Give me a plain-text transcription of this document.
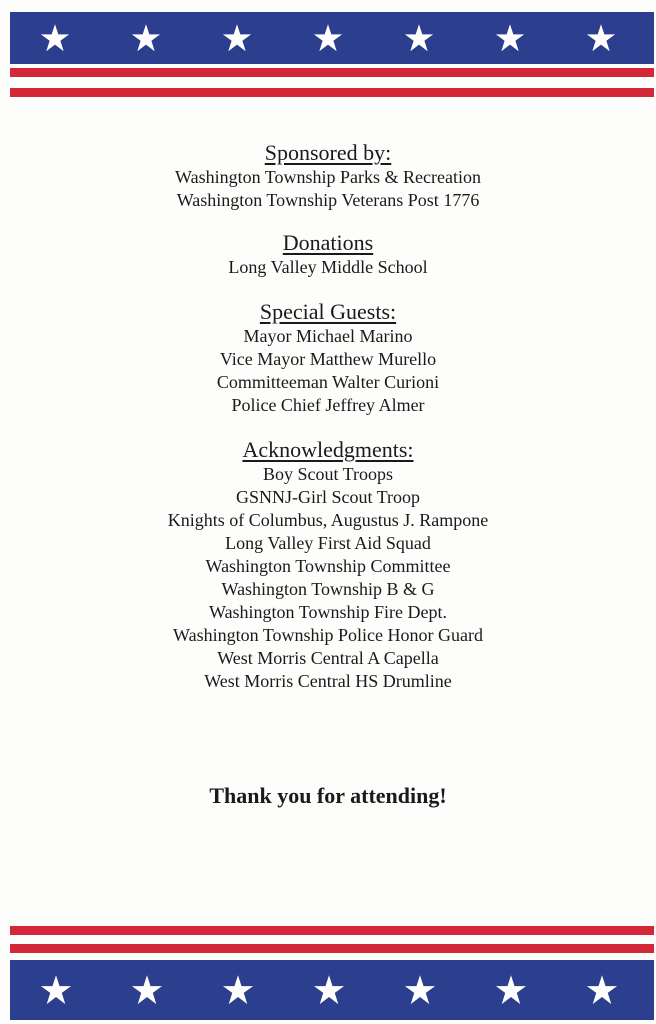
Sponsored by:

Washington Township Parks & Recreation

Washington Township Veterans Post 1776

Donations

Long Valley Middle School

Special Guests:

Mayor Michael Marino

Vice Mayor Matthew Murello

Committeeman Walter Curioni

Police Chief Jeffrey Almer

Acknowledgments:

Boy Scout Troops

GSNNJ-Girl Scout Troop

Knights of Columbus, Augustus J. Rampone

Long Valley First Aid Squad

Washington Township Committee

Washington Township B & G

Washington Township Fire Dept.

Washington Township Police Honor Guard

West Morris Central A Capella

West Morris Central HS Drumline

Thank you for attending!
